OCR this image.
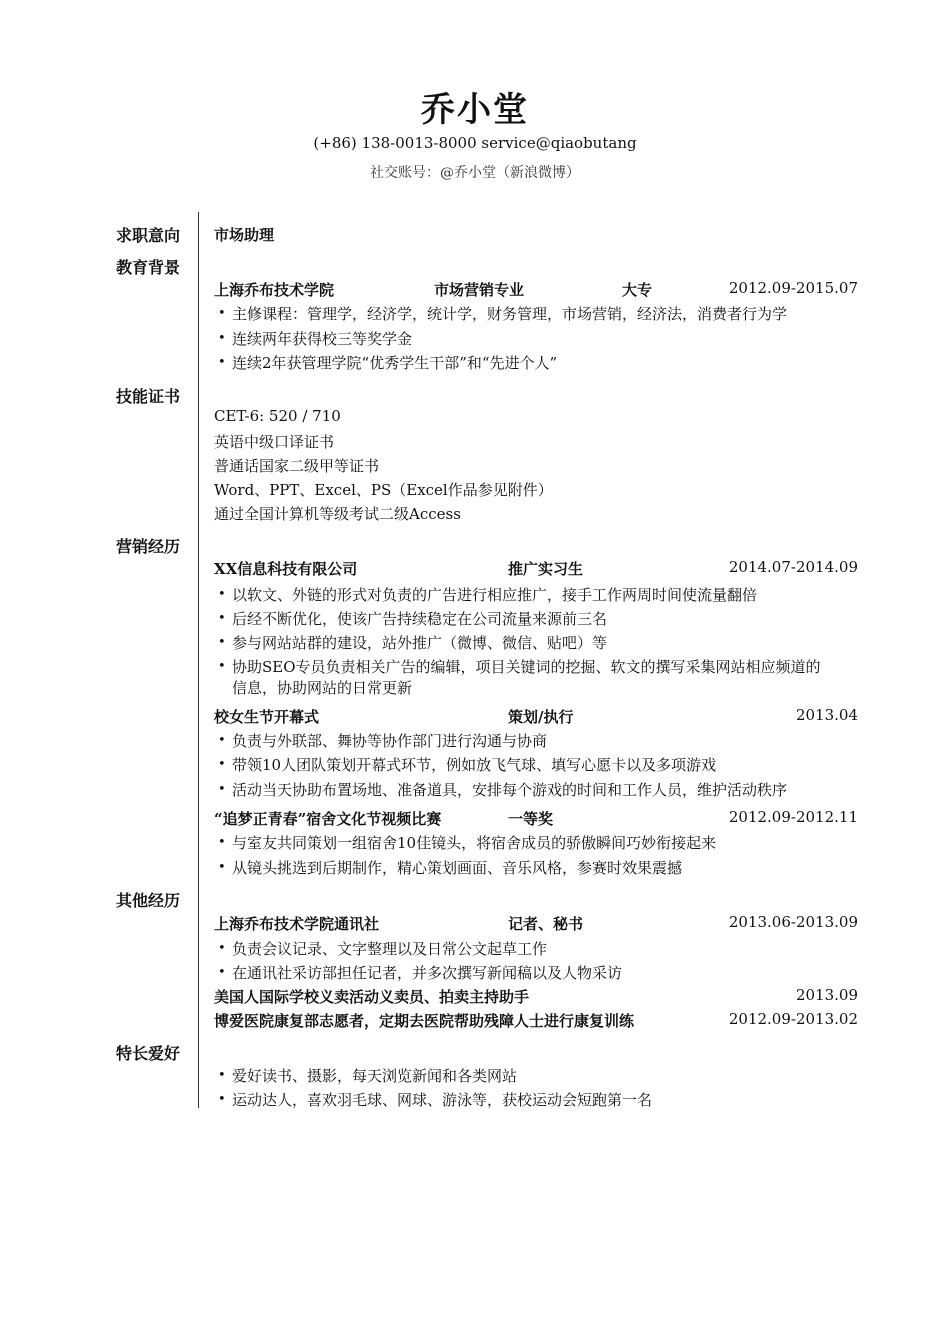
乔小堂
(+86) 138-0013-8000 service@qiaobutang
社交账号：@乔小堂（新浪微博）
求职意向 市场助理
教育背景
上海乔布技术学院	市场营销专业	大专	2012.09-2015.07
• 主修课程：管理学，经济学，统计学，财务管理，市场营销，经济法，消费者行为学
• 连续两年获得校三等奖学金
• 连续2年获管理学院“优秀学生干部”和“先进个人”
技能证书
CET-6: 520 / 710
英语中级口译证书
普通话国家二级甲等证书
Word、PPT、Excel、PS（Excel作品参见附件）
通过全国计算机等级考试二级Access
营销经历
XX信息科技有限公司	推广实习生	2014.07-2014.09
• 以软文、外链的形式对负责的广告进行相应推广，接手工作两周时间使流量翻倍
• 后经不断优化，使该广告持续稳定在公司流量来源前三名
• 参与网站站群的建设，站外推广（微博、微信、贴吧）等
• 协助SEO专员负责相关广告的编辑，项目关键词的挖掘、软文的撰写采集网站相应频道的
信息，协助网站的日常更新
校女生节开幕式	策划/执行	2013.04
• 负责与外联部、舞协等协作部门进行沟通与协商
• 带领10人团队策划开幕式环节，例如放飞气球、填写心愿卡以及多项游戏
• 活动当天协助布置场地、准备道具，安排每个游戏的时间和工作人员，维护活动秩序
“追梦正青春”宿舍文化节视频比赛	一等奖	2012.09-2012.11
• 与室友共同策划一组宿舍10佳镜头，将宿舍成员的骄傲瞬间巧妙衔接起来
• 从镜头挑选到后期制作，精心策划画面、音乐风格，参赛时效果震撼
其他经历
上海乔布技术学院通讯社	记者、秘书	2013.06-2013.09
• 负责会议记录、文字整理以及日常公文起草工作
• 在通讯社采访部担任记者，并多次撰写新闻稿以及人物采访
美国人国际学校义卖活动义卖员、拍卖主持助手	2013.09
博爱医院康复部志愿者，定期去医院帮助残障人士进行康复训练	2012.09-2013.02
特长爱好
• 爱好读书、摄影，每天浏览新闻和各类网站
• 运动达人，喜欢羽毛球、网球、游泳等，获校运动会短跑第一名
